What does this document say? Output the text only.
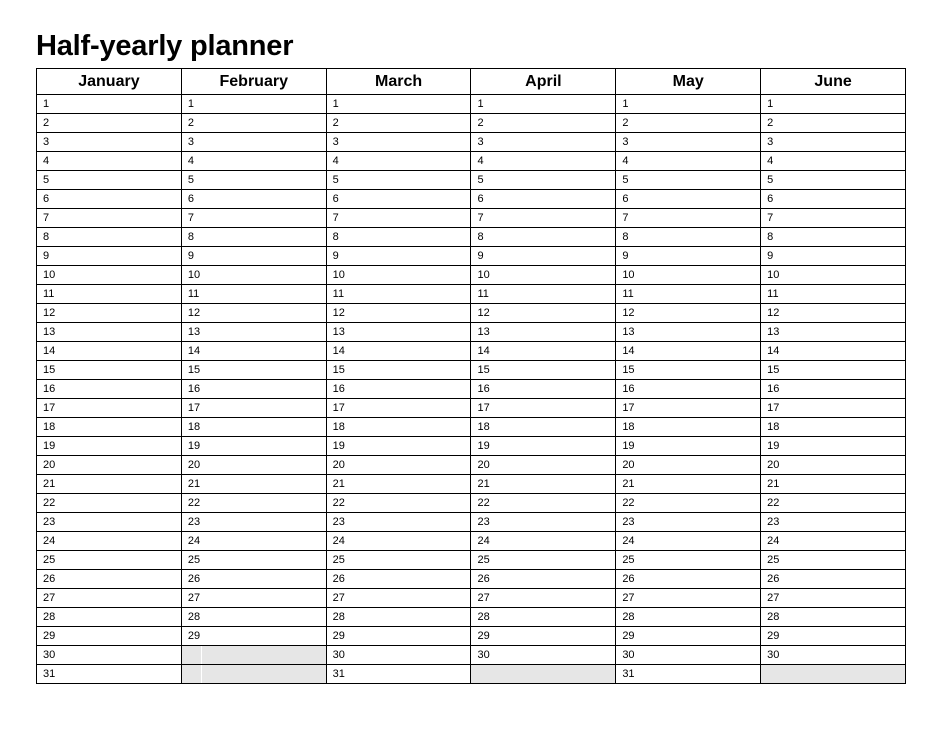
Half-yearly planner
January	February	March	April	May	June
1	1	1	1	1	1
2	2	2	2	2	2
3	3	3	3	3	3
4	4	4	4	4	4
5	5	5	5	5	5
6	6	6	6	6	6
7	7	7	7	7	7
8	8	8	8	8	8
9	9	9	9	9	9
10	10	10	10	10	10
11	11	11	11	11	11
12	12	12	12	12	12
13	13	13	13	13	13
14	14	14	14	14	14
15	15	15	15	15	15
16	16	16	16	16	16
17	17	17	17	17	17
18	18	18	18	18	18
19	19	19	19	19	19
20	20	20	20	20	20
21	21	21	21	21	21
22	22	22	22	22	22
23	23	23	23	23	23
24	24	24	24	24	24
25	25	25	25	25	25
26	26	26	26	26	26
27	27	27	27	27	27
28	28	28	28	28	28
29	29	29	29	29	29
30		30	30	30	30
31		31		31	
